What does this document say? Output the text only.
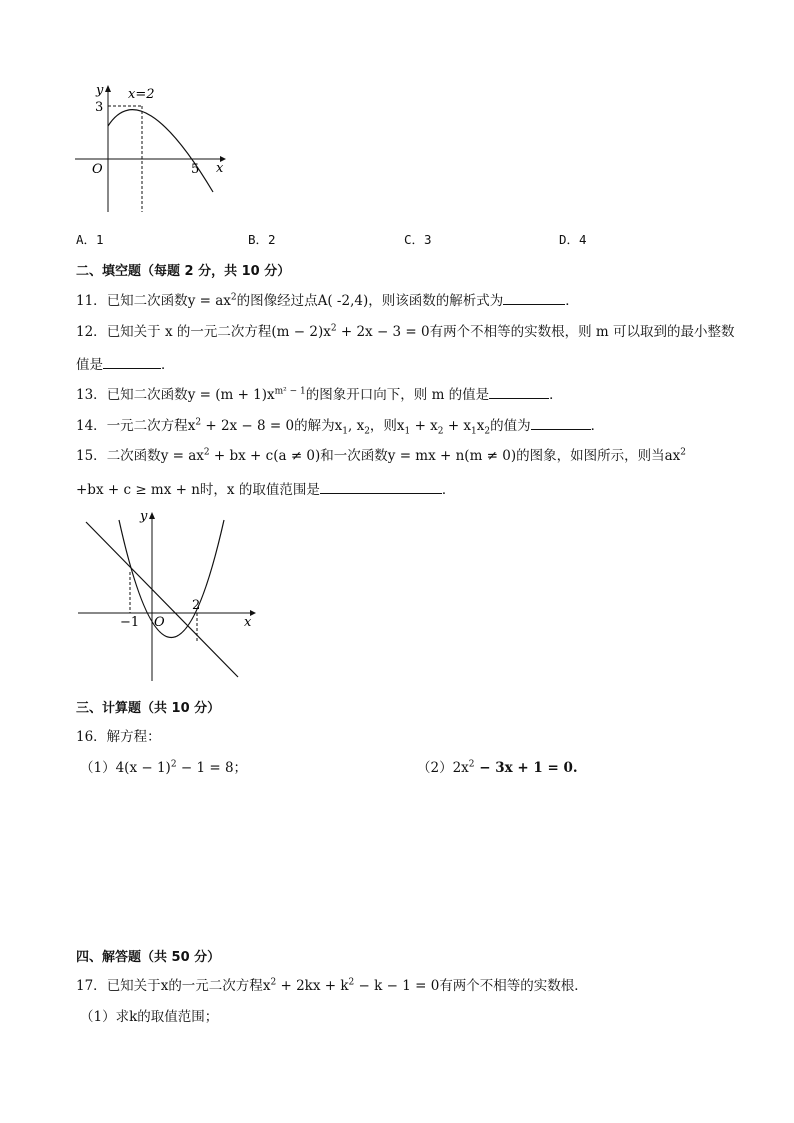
y x=2
3
O	5 x
A．1	B．2	C．3	D．4
二、填空题（每题 2 分，共 10 分）
11．已知二次函数$y = ax^2$的图像经过点A( -2,4)，则该函数的解析式为	．
12．已知关于 x 的一元二次方程$(m - 2)x^2 + 2x - 3 = 0$有两个不相等的实数根，则 m 可以取到的最小整数
值是	．
13．已知二次函数$y = (m + 1)x^{m^2 - 1}$的图象开口向下，则 m 的值是	．
14．一元二次方程$x^2 + 2x - 8 = 0$的解为$x_1$, $x_2$，则$x_1 + x_2 + x_1x_2$的值为	．
15．二次函数$y = ax^2$ + bx + c(a ≠ 0)和一次函数y = mx + n(m ≠ 0)的图象，如图所示，则当$ax^2$
+bx + c ≥ mx + n时，x 的取值范围是	．
y
−1 O
2
x
三、计算题（共 10 分）
16．解方程：
$(1)4(x - 1)^2 - 1 = 8$；	$(2)2x^2 - 3x + 1 = 0$.
四、解答题（共 50 分）
17．已知关于x的一元二次方程$x^2 + 2kx + k^2 - k - 1 = 0$有两个不相等的实数根．
（1）求k的取值范围；
